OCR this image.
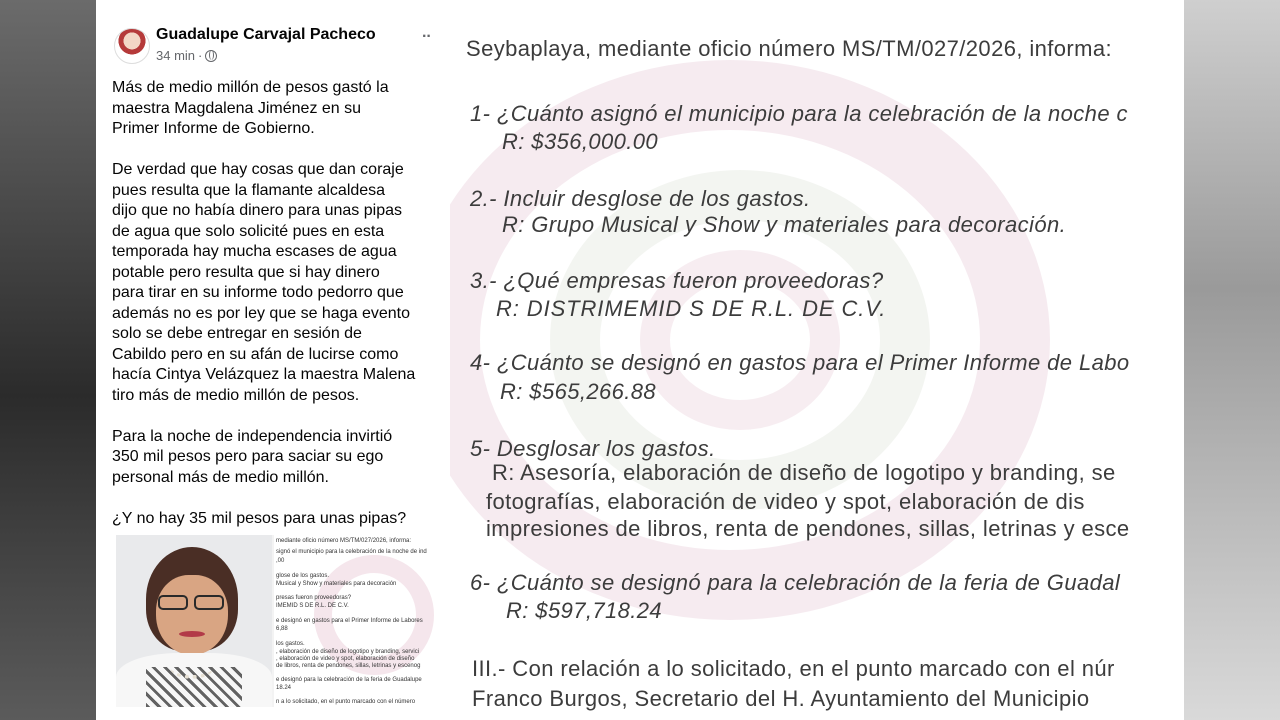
Guadalupe Carvajal Pacheco
34 min ·
··

Más de medio millón de pesos gastó la
maestra Magdalena Jiménez en su
Primer Informe de Gobierno.

De verdad que hay cosas que dan coraje
pues resulta que la flamante alcaldesa
dijo que no había dinero para unas pipas
de agua que solo solicité pues en esta
temporada hay mucha escases de agua
potable pero resulta que si hay dinero
para tirar en su informe todo pedorro que
además no es por ley que se haga evento
solo se debe entregar en sesión de
Cabildo pero en su afán de lucirse como
hacía Cintya Velázquez la maestra Malena
tiro más de medio millón de pesos.

Para la noche de independencia invirtió
350 mil pesos pero para saciar su ego
personal más de medio millón.

¿Y no hay 35 mil pesos para unas pipas?

mediante oficio número MS/TM/027/2026, informa:
signó el municipio para la celebración de la noche de ind
,00
glose de los gastos.
Musical y Show y materiales para decoración
presas fueron proveedoras?
IMEMID S DE R.L. DE C.V.
e designó en gastos para el Primer Informe de Labores
6,88
los gastos.
, elaboración de diseño de logotipo y branding, servici
, elaboración de video y spot, elaboración de diseño
de libros, renta de pendones, sillas, letrinas y escenog
e designó para la celebración de la feria de Guadalupe
18.24
n a lo solicitado, en el punto marcado con el número
Seybaplaya, mediante oficio número MS/TM/027/2026, informa:
1- ¿Cuánto asignó el municipio para la celebración de la noche c
R: $356,000.00
2.- Incluir desglose de los gastos.
R: Grupo Musical y Show y materiales para decoración.
3.- ¿Qué empresas fueron proveedoras?
R: DISTRIMEMID S DE R.L. DE C.V.
4- ¿Cuánto se designó en gastos para el Primer Informe de Labo
R: $565,266.88
5- Desglosar los gastos.
R: Asesoría, elaboración de diseño de logotipo y branding, se
fotografías, elaboración de video y spot, elaboración de dis
impresiones de libros, renta de pendones, sillas, letrinas y esce
6- ¿Cuánto se designó para la celebración de la feria de Guadal
R: $597,718.24
III.- Con relación a lo solicitado, en el punto marcado con el núr
Franco Burgos, Secretario del H. Ayuntamiento del Municipio
